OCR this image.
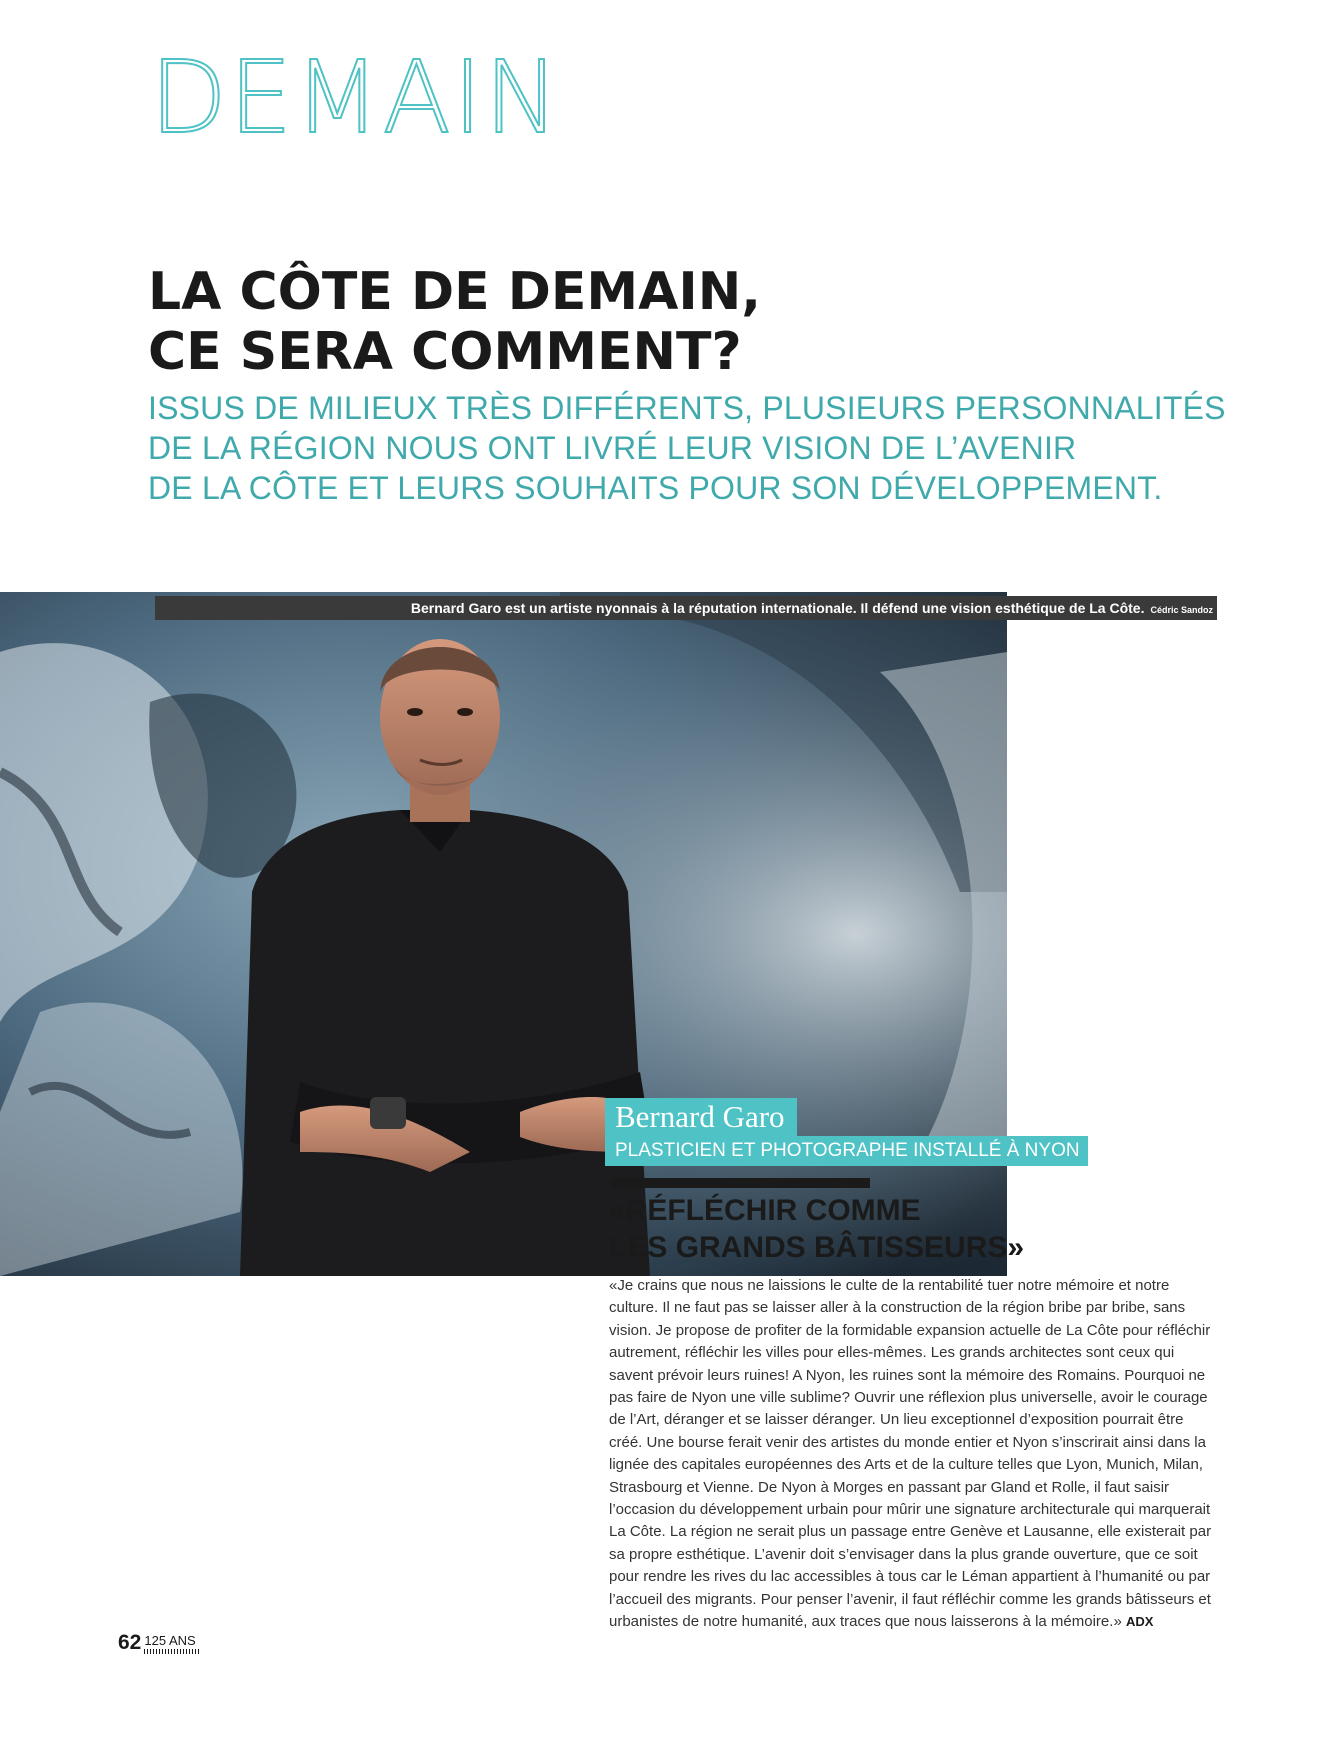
DEMAIN
LA CÔTE DE DEMAIN,
CE SERA COMMENT?

ISSUS DE MILIEUX TRÈS DIFFÉRENTS, PLUSIEURS PERSONNALITÉS
DE LA RÉGION NOUS ONT LIVRÉ LEUR VISION DE L’AVENIR
DE LA CÔTE ET LEURS SOUHAITS POUR SON DÉVELOPPEMENT.

Bernard Garo est un artiste nyonnais à la réputation internationale. Il défend une vision esthétique de La Côte. Cédric Sandoz
Bernard Garo
PLASTICIEN ET PHOTOGRAPHE INSTALLÉ À NYON
«RÉFLÉCHIR COMME
LES GRANDS BÂTISSEURS»

«Je crains que nous ne laissions le culte de la rentabilité tuer notre mémoire et notre culture. Il ne faut pas se laisser aller à la construction de la région bribe par bribe, sans vision. Je propose de profiter de la formidable expansion actuelle de La Côte pour réfléchir autrement, réfléchir les villes pour elles-mêmes. Les grands architectes sont ceux qui savent prévoir leurs ruines! A Nyon, les ruines sont la mémoire des Romains. Pourquoi ne pas faire de Nyon une ville sublime? Ouvrir une réflexion plus universelle, avoir le courage de l’Art, déranger et se laisser déranger. Un lieu exceptionnel d’exposition pourrait être créé. Une bourse ferait venir des artistes du monde entier et Nyon s’inscrirait ainsi dans la lignée des capitales européennes des Arts et de la culture telles que Lyon, Munich, Milan, Strasbourg et Vienne. De Nyon à Morges en passant par Gland et Rolle, il faut saisir l’occasion du développement urbain pour mûrir une signature architecturale qui marquerait La Côte. La région ne serait plus un passage entre Genève et Lausanne, elle existerait par sa propre esthétique. L’avenir doit s’envisager dans la plus grande ouverture, que ce soit pour rendre les rives du lac accessibles à tous car le Léman appartient à l’humanité ou par l’accueil des migrants. Pour penser l’avenir, il faut réfléchir comme les grands bâtisseurs et urbanistes de notre humanité, aux traces que nous laisserons à la mémoire.» ADX

62 125 ANS
